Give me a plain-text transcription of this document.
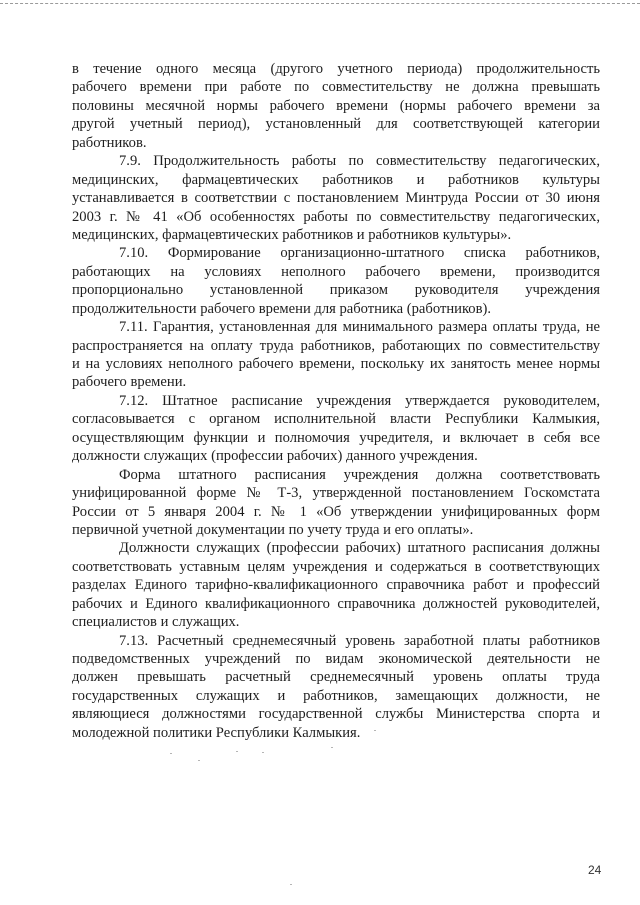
в течение одного месяца (другого учетного периода) продолжительность
рабочего времени при работе по совместительству не должна превышать
половины месячной нормы рабочего времени (нормы рабочего времени за
другой учетный период), установленный для соответствующей категории
работников.
7.9. Продолжительность работы по совместительству педагогических,
медицинских, фармацевтических работников и работников культуры
устанавливается в соответствии с постановлением Минтруда России от 30 июня
2003 г. № 41 «Об особенностях работы по совместительству педагогических,
медицинских, фармацевтических работников и работников культуры».
7.10. Формирование организационно-штатного списка работников,
работающих на условиях неполного рабочего времени, производится
пропорционально установленной приказом руководителя учреждения
продолжительности рабочего времени для работника (работников).
7.11. Гарантия, установленная для минимального размера оплаты труда, не
распространяется на оплату труда работников, работающих по совместительству
и на условиях неполного рабочего времени, поскольку их занятость менее нормы
рабочего времени.
7.12. Штатное расписание учреждения утверждается руководителем,
согласовывается с органом исполнительной власти Республики Калмыкия,
осуществляющим функции и полномочия учредителя, и включает в себя все
должности служащих (профессии рабочих) данного учреждения.
Форма штатного расписания учреждения должна соответствовать
унифицированной форме № Т-3, утвержденной постановлением Госкомстата
России от 5 января 2004 г. № 1 «Об утверждении унифицированных форм
первичной учетной документации по учету труда и его оплаты».
Должности служащих (профессии рабочих) штатного расписания должны
соответствовать уставным целям учреждения и содержаться в соответствующих
разделах Единого тарифно-квалификационного справочника работ и профессий
рабочих и Единого квалификационного справочника должностей руководителей,
специалистов и служащих.
7.13. Расчетный среднемесячный уровень заработной платы работников
подведомственных учреждений по видам экономической деятельности не
должен превышать расчетный среднемесячный уровень оплаты труда
государственных служащих и работников, замещающих должности, не
являющиеся должностями государственной службы Министерства спорта и
молодежной политики Республики Калмыкия.
24
